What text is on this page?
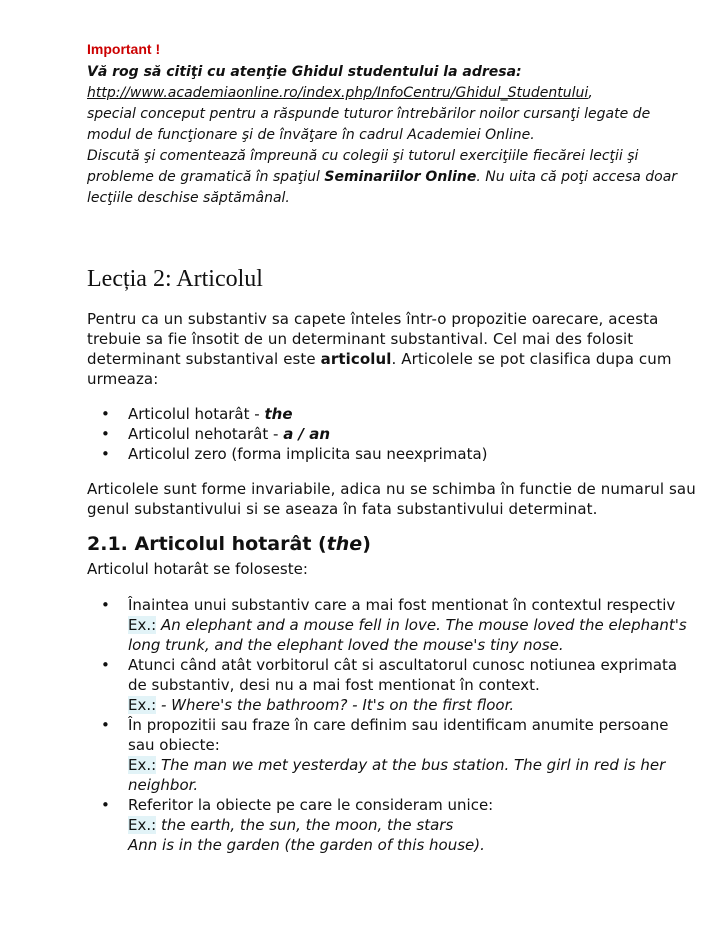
Important !

Vă rog să citiţi cu atenţie Ghidul studentului la adresa:
http://www.academiaonline.ro/index.php/InfoCentru/Ghidul_Studentului,
special conceput pentru a răspunde tuturor întrebărilor noilor cursanţi legate de modul de funcţionare şi de învăţare în cadrul Academiei Online.
Discută şi comentează împreună cu colegii şi tutorul exerciţiile fiecărei lecţii şi probleme de gramatică în spaţiul Seminariilor Online. Nu uita că poţi accesa doar lecţiile deschise săptămânal.

Lecția 2: Articolul

Pentru ca un substantiv sa capete înteles într-o propozitie oarecare, acesta trebuie sa fie însotit de un determinant substantival. Cel mai des folosit determinant substantival este articolul. Articolele se pot clasifica dupa cum urmeaza:

• Articolul hotarât - the
• Articolul nehotarât - a / an
• Articolul zero (forma implicita sau neexprimata)

Articolele sunt forme invariabile, adica nu se schimba în functie de numarul sau genul substantivului si se aseaza în fata substantivului determinat.

2.1. Articolul hotarât (the)
Articolul hotarât se foloseste:
• Înaintea unui substantiv care a mai fost mentionat în contextul respectiv
Ex.: An elephant and a mouse fell in love. The mouse loved the elephant's long trunk, and the elephant loved the mouse's tiny nose.
• Atunci când atât vorbitorul cât si ascultatorul cunosc notiunea exprimata de substantiv, desi nu a mai fost mentionat în context.
Ex.: - Where's the bathroom? - It's on the first floor.
• În propozitii sau fraze în care definim sau identificam anumite persoane sau obiecte:
Ex.: The man we met yesterday at the bus station. The girl in red is her neighbor.
• Referitor la obiecte pe care le consideram unice:
Ex.: the earth, the sun, the moon, the stars
Ann is in the garden (the garden of this house).
